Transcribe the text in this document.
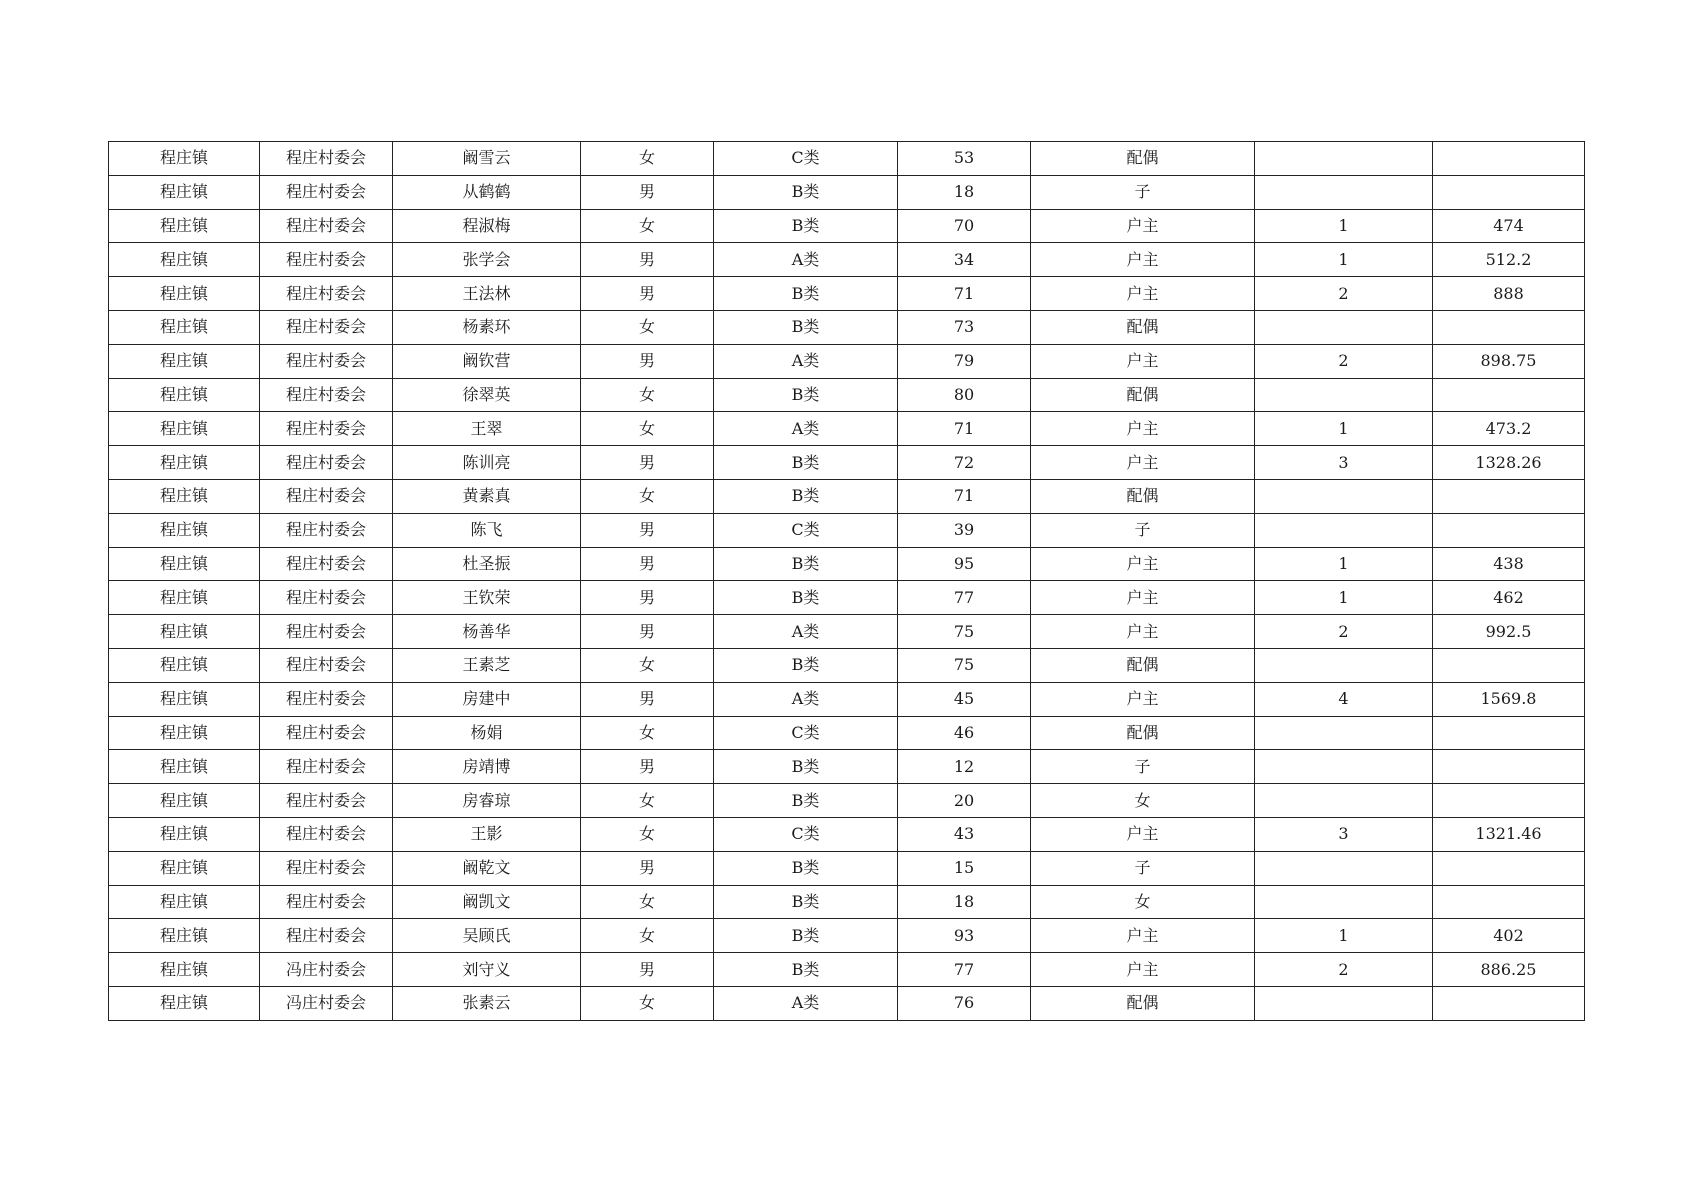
程庄镇	程庄村委会	阚雪云	女	C类	53	配偶		
程庄镇	程庄村委会	从鹤鹤	男	B类	18	子		
程庄镇	程庄村委会	程淑梅	女	B类	70	户主	1	474
程庄镇	程庄村委会	张学会	男	A类	34	户主	1	512.2
程庄镇	程庄村委会	王法林	男	B类	71	户主	2	888
程庄镇	程庄村委会	杨素环	女	B类	73	配偶		
程庄镇	程庄村委会	阚钦营	男	A类	79	户主	2	898.75
程庄镇	程庄村委会	徐翠英	女	B类	80	配偶		
程庄镇	程庄村委会	王翠	女	A类	71	户主	1	473.2
程庄镇	程庄村委会	陈训亮	男	B类	72	户主	3	1328.26
程庄镇	程庄村委会	黄素真	女	B类	71	配偶		
程庄镇	程庄村委会	陈飞	男	C类	39	子		
程庄镇	程庄村委会	杜圣振	男	B类	95	户主	1	438
程庄镇	程庄村委会	王钦荣	男	B类	77	户主	1	462
程庄镇	程庄村委会	杨善华	男	A类	75	户主	2	992.5
程庄镇	程庄村委会	王素芝	女	B类	75	配偶		
程庄镇	程庄村委会	房建中	男	A类	45	户主	4	1569.8
程庄镇	程庄村委会	杨娟	女	C类	46	配偶		
程庄镇	程庄村委会	房靖博	男	B类	12	子		
程庄镇	程庄村委会	房睿琼	女	B类	20	女		
程庄镇	程庄村委会	王影	女	C类	43	户主	3	1321.46
程庄镇	程庄村委会	阚乾文	男	B类	15	子		
程庄镇	程庄村委会	阚凯文	女	B类	18	女		
程庄镇	程庄村委会	吴顾氏	女	B类	93	户主	1	402
程庄镇	冯庄村委会	刘守义	男	B类	77	户主	2	886.25
程庄镇	冯庄村委会	张素云	女	A类	76	配偶		
